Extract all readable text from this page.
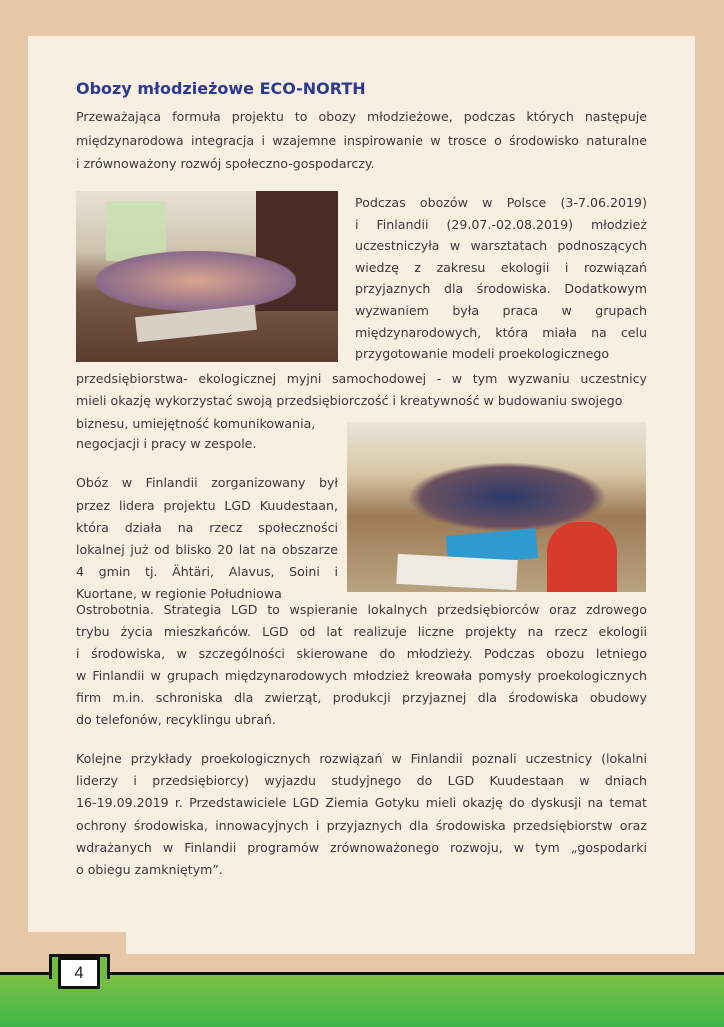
Obozy młodzieżowe ECO-NORTH
Przeważająca formuła projektu to obozy młodzieżowe, podczas których następuje
międzynarodowa integracja i wzajemne inspirowanie w trosce o środowisko naturalne
i zrównoważony rozwój społeczno-gospodarczy.
Podczas obozów w Polsce (3-7.06.2019)
i Finlandii (29.07.-02.08.2019) młodzież
uczestniczyła w warsztatach podnoszących
wiedzę z zakresu ekologii i rozwiązań
przyjaznych dla środowiska. Dodatkowym
wyzwaniem była praca w grupach
międzynarodowych, która miała na celu
przygotowanie modeli proekologicznego
przedsiębiorstwa- ekologicznej myjni samochodowej - w tym wyzwaniu uczestnicy
mieli okazję wykorzystać swoją przedsiębiorczość i kreatywność w budowaniu swojego
biznesu, umiejętność komunikowania,
negocjacji i pracy w zespole.
Obóz w Finlandii zorganizowany był
przez lidera projektu LGD Kuudestaan,
która działa na rzecz społeczności
lokalnej już od blisko 20 lat na obszarze
4 gmin tj. Ähtäri, Alavus, Soini i
Kuortane, w regionie Południowa
Ostrobotnia. Strategia LGD to wspieranie lokalnych przedsiębiorców oraz zdrowego
trybu życia mieszkańców. LGD od lat realizuje liczne projekty na rzecz ekologii
i środowiska, w szczególności skierowane do młodzieży. Podczas obozu letniego
w Finlandii w grupach międzynarodowych młodzież kreowała pomysły proekologicznych
firm m.in. schroniska dla zwierząt, produkcji przyjaznej dla środowiska obudowy
do telefonów, recyklingu ubrań.
Kolejne przykłady proekologicznych rozwiązań w Finlandii poznali uczestnicy (lokalni
liderzy i przedsiębiorcy) wyjazdu studyjnego do LGD Kuudestaan w dniach
16-19.09.2019 r. Przedstawiciele LGD Ziemia Gotyku mieli okazję do dyskusji na temat
ochrony środowiska, innowacyjnych i przyjaznych dla środowiska przedsiębiorstw oraz
wdrażanych w Finlandii programów zrównoważonego rozwoju, w tym „gospodarki
o obiegu zamkniętym”.
4
